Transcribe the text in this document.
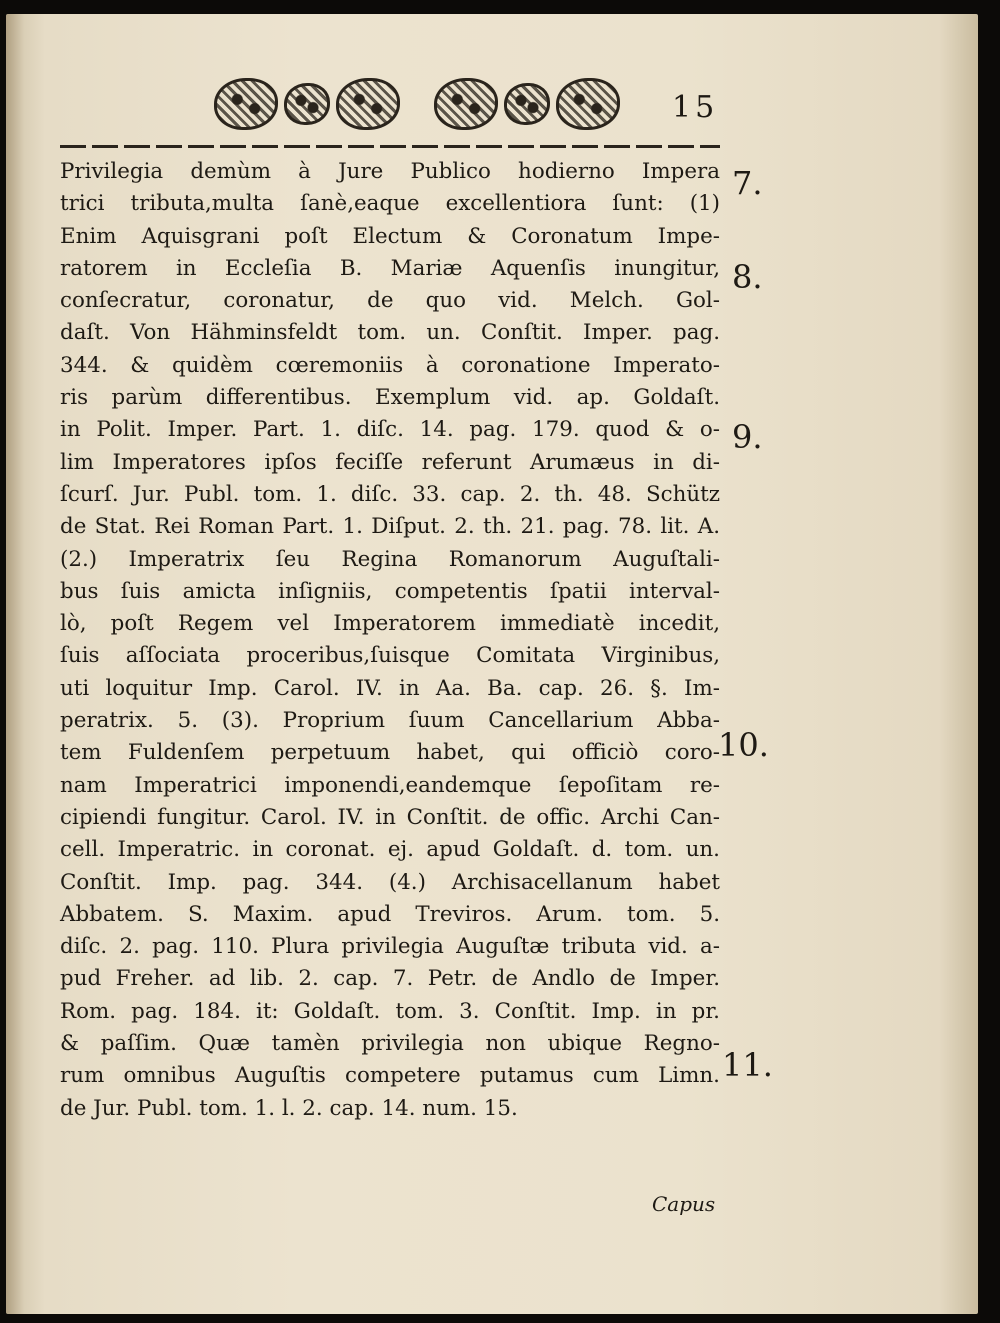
15
Privilegia demùm à Jure Publico hodierno Impera
trici tributa,multa ſanè,eaque excellentiora ſunt: (1)
Enim Aquisgrani poſt Electum & Coronatum Impe-
ratorem in Eccleſia B. Mariæ Aquenſis inungitur,
conſecratur, coronatur, de quo vid. Melch. Gol-
daſt. Von Hähminsfeldt tom. un. Conſtit. Imper. pag.
344. & quidèm cœremoniis à coronatione Imperato-
ris parùm differentibus. Exemplum vid. ap. Goldaſt.
in Polit. Imper. Part. 1. diſc. 14. pag. 179. quod & o-
lim Imperatores ipſos feciſſe referunt Arumæus in di-
ſcurſ. Jur. Publ. tom. 1. diſc. 33. cap. 2. th. 48. Schütz
de Stat. Rei Roman Part. 1. Diſput. 2. th. 21. pag. 78. lit. A.
(2.) Imperatrix ſeu Regina Romanorum Auguſtali-
bus ſuis amicta inſigniis, competentis ſpatii interval-
lò, poſt Regem vel Imperatorem immediatè incedit,
ſuis aſſociata proceribus,ſuisque Comitata Virginibus,
uti loquitur Imp. Carol. IV. in Aa. Ba. cap. 26. §. Im-
peratrix. 5. (3). Proprium ſuum Cancellarium Abba-
tem Fuldenſem perpetuum habet, qui officiò coro-
nam Imperatrici imponendi,eandemque ſepoſitam re-
cipiendi fungitur. Carol. IV. in Conſtit. de offic. Archi Can-
cell. Imperatric. in coronat. ej. apud Goldaſt. d. tom. un.
Conſtit. Imp. pag. 344. (4.) Archisacellanum habet
Abbatem. S. Maxim. apud Treviros. Arum. tom. 5.
diſc. 2. pag. 110. Plura privilegia Auguſtæ tributa vid. a-
pud Freher. ad lib. 2. cap. 7. Petr. de Andlo de Imper.
Rom. pag. 184. it: Goldaſt. tom. 3. Conſtit. Imp. in pr.
& paſſim. Quæ tamèn privilegia non ubique Regno-
rum omnibus Auguſtis competere putamus cum Limn.
de Jur. Publ. tom. 1. l. 2. cap. 14. num. 15.
7.
8.
9.
10.
11.
Capus
